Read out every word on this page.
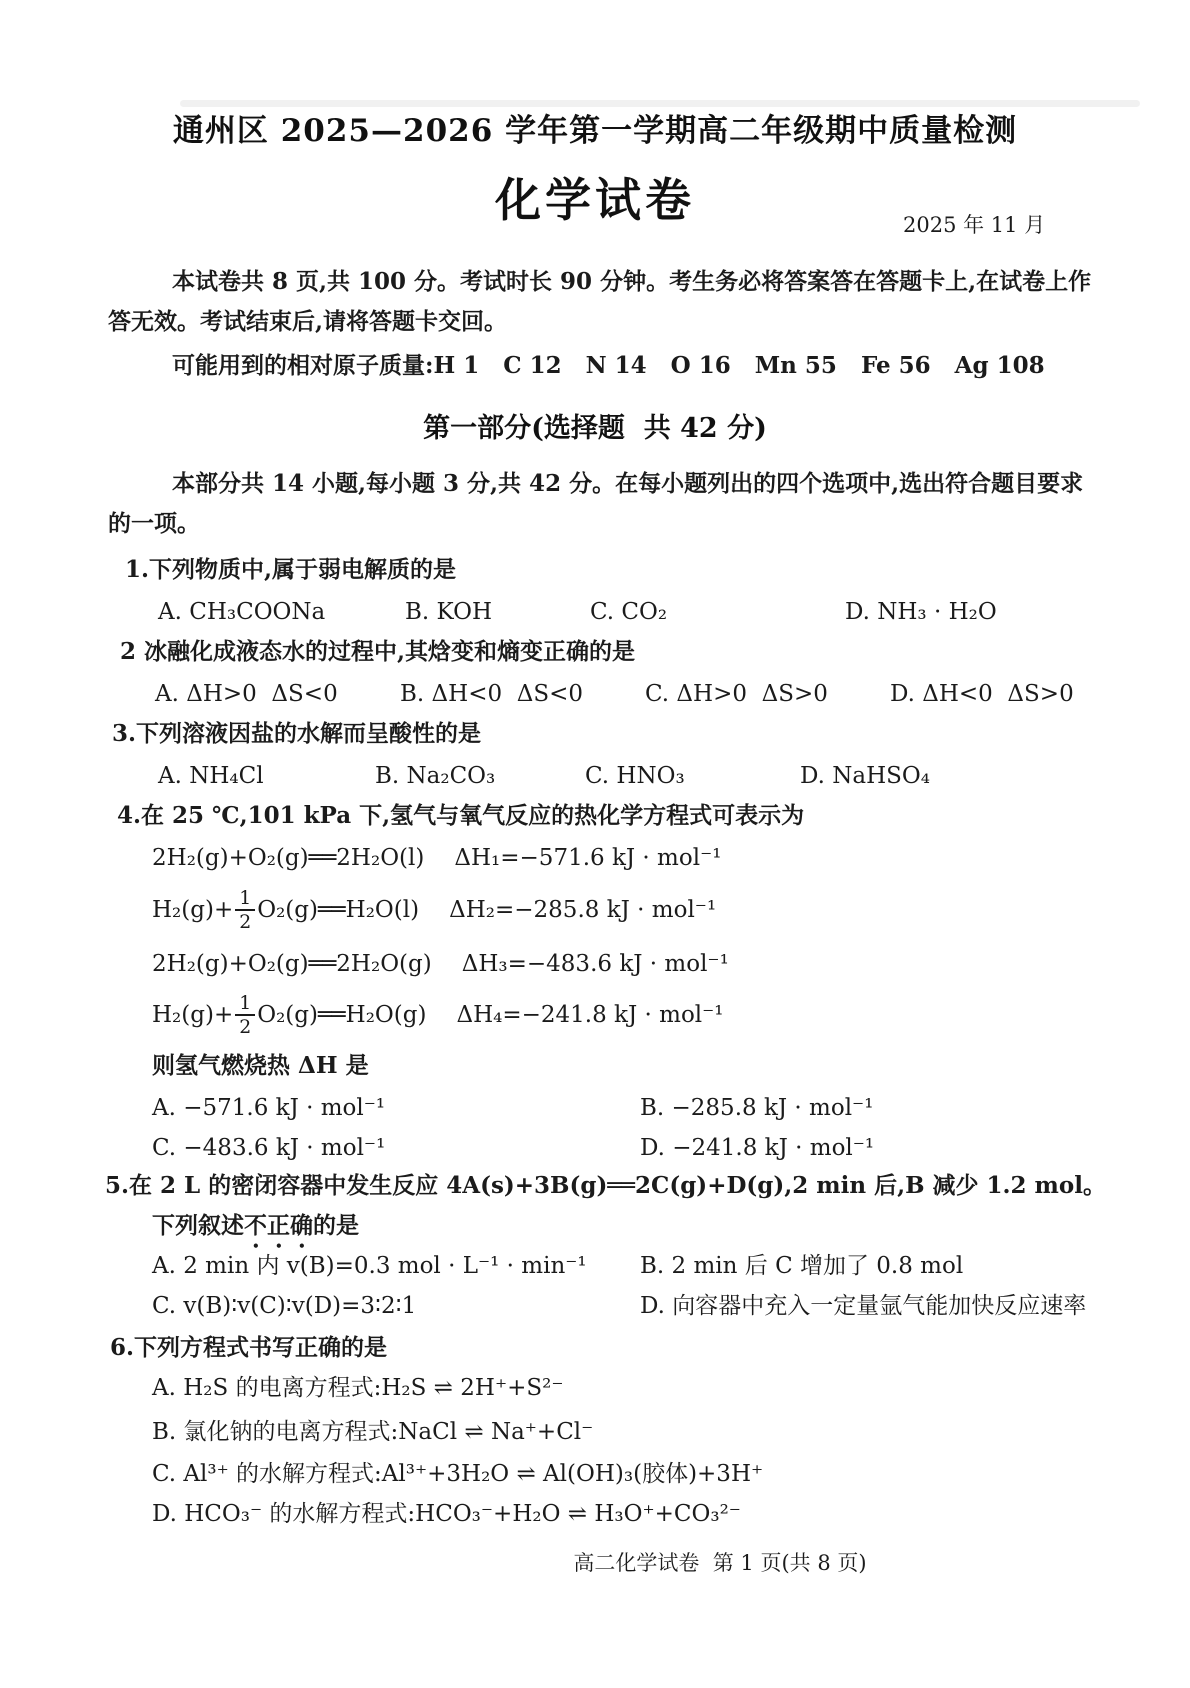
通州区 2025—2026 学年第一学期高二年级期中质量检测
化学试卷	2025 年 11 月
本试卷共 8 页,共 100 分。考试时长 90 分钟。考生务必将答案答在答题卡上,在试卷上作
答无效。考试结束后,请将答题卡交回。
可能用到的相对原子质量:H 1   C 12   N 14   O 16   Mn 55   Fe 56   Ag 108
第一部分(选择题  共 42 分)
本部分共 14 小题,每小题 3 分,共 42 分。在每小题列出的四个选项中,选出符合题目要求
的一项。
1.下列物质中,属于弱电解质的是
A. CH₃COONa	B. KOH	C. CO₂	D. NH₃ · H₂O
2 冰融化成液态水的过程中,其焓变和熵变正确的是
A. ΔH>0  ΔS<0	B. ΔH<0  ΔS<0	C. ΔH>0  ΔS>0	D. ΔH<0  ΔS>0
3.下列溶液因盐的水解而呈酸性的是
A. NH₄Cl	B. Na₂CO₃	C. HNO₃	D. NaHSO₄
4.在 25 ℃,101 kPa 下,氢气与氧气反应的热化学方程式可表示为
2H₂(g)+O₂(g)══2H₂O(l) ΔH₁=−571.6 kJ · mol⁻¹
$H_2(g)+ \frac{1}{2}$ O₂(g)══H₂O(l) ΔH₂=−285.8 kJ · mol⁻¹
2H₂(g)+O₂(g)══2H₂O(g) ΔH₃=−483.6 kJ · mol⁻¹
$H_2(g)+ \frac{1}{2}$ O₂(g)══H₂O(g) ΔH₄=−241.8 kJ · mol⁻¹
则氢气燃烧热 ΔH 是
A. −571.6 kJ · mol⁻¹	B. −285.8 kJ · mol⁻¹
C. −483.6 kJ · mol⁻¹	D. −241.8 kJ · mol⁻¹
5.在 2 L 的密闭容器中发生反应 4A(s)+3B(g)══2C(g)+D(g),2 min 后,B 减少 1.2 mol。
下列叙述不正确的是
A. 2 min 内 v(B)=0.3 mol · L⁻¹ · min⁻¹ B. 2 min 后 C 增加了 0.8 mol
C. v(B)∶v(C)∶v(D)=3∶2∶1	D. 向容器中充入一定量氩气能加快反应速率
6.下列方程式书写正确的是
A. H₂S 的电离方程式:H₂S ⇌ 2H⁺+S²⁻
B. 氯化钠的电离方程式:NaCl ⇌ Na⁺+Cl⁻
C. Al³⁺ 的水解方程式:Al³⁺+3H₂O ⇌ Al(OH)₃(胶体)+3H⁺
D. HCO₃⁻ 的水解方程式:HCO₃⁻+H₂O ⇌ H₃O⁺+CO₃²⁻
高二化学试卷  第 1 页(共 8 页)
